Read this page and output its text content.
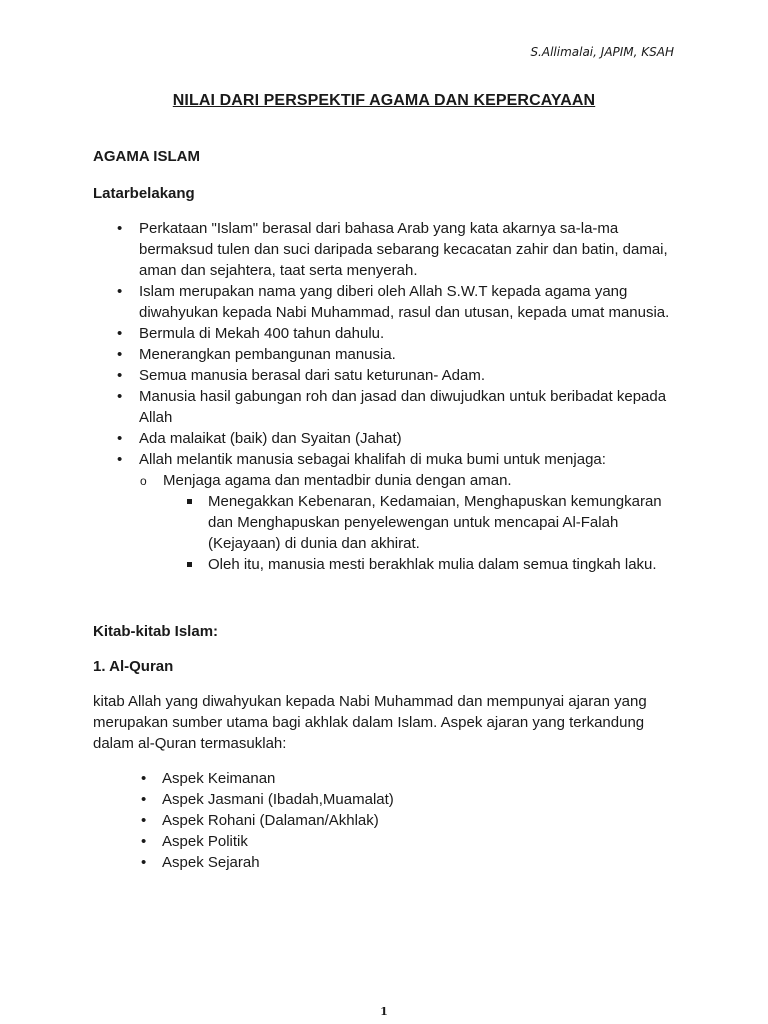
S.Allimalai, JAPIM, KSAH
NILAI DARI PERSPEKTIF AGAMA DAN KEPERCAYAAN

AGAMA ISLAM

Latarbelakang

• Perkataan "Islam" berasal dari bahasa Arab yang kata akarnya sa-la-ma bermaksud tulen dan suci daripada sebarang kecacatan zahir dan batin, damai, aman dan sejahtera, taat serta menyerah.
• Islam merupakan nama yang diberi oleh Allah S.W.T kepada agama yang diwahyukan kepada Nabi Muhammad, rasul dan utusan, kepada umat manusia.
• Bermula di Mekah 400 tahun dahulu.
• Menerangkan pembangunan manusia.
• Semua manusia berasal dari satu keturunan- Adam.
• Manusia hasil gabungan roh dan jasad dan diwujudkan untuk beribadat kepada Allah
• Ada malaikat (baik) dan Syaitan (Jahat)
• Allah melantik manusia sebagai khalifah di muka bumi untuk menjaga:
o Menjaga agama dan mentadbir dunia dengan aman.
Menegakkan Kebenaran, Kedamaian, Menghapuskan kemungkaran dan Menghapuskan penyelewengan untuk mencapai Al-Falah (Kejayaan) di dunia dan akhirat.
Oleh itu, manusia mesti berakhlak mulia dalam semua tingkah laku.

Kitab-kitab Islam:

1. Al-Quran

kitab Allah yang diwahyukan kepada Nabi Muhammad dan mempunyai ajaran yang merupakan sumber utama bagi akhlak dalam Islam. Aspek ajaran yang terkandung dalam al-Quran termasuklah:

• Aspek Keimanan
• Aspek Jasmani (Ibadah,Muamalat)
• Aspek Rohani (Dalaman/Akhlak)
• Aspek Politik
• Aspek Sejarah
1
